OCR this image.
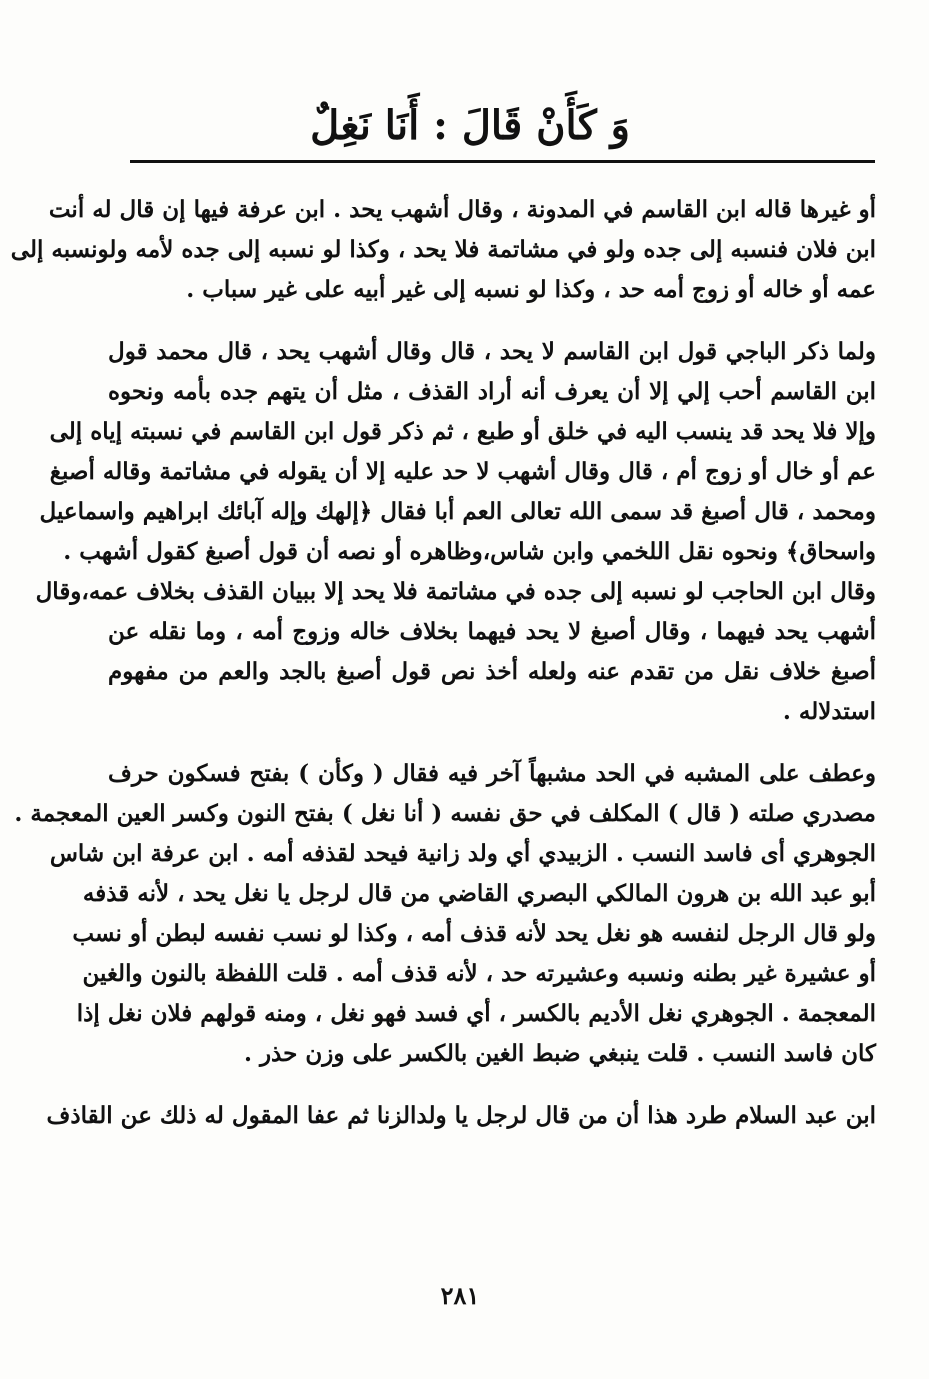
وَ كَأَنْ قَالَ : أَنَا نَغِلٌ
أو غيرها قاله ابن القاسم في المدونة ، وقال أشهب يحد . ابن عرفة فيها إن قال له أنت
ابن فلان فنسبه إلى جده ولو في مشاتمة فلا يحد ، وكذا لو نسبه إلى جده لأمه ولونسبه إلى
عمه أو خاله أو زوج أمه حد ، وكذا لو نسبه إلى غير أبيه على غير سباب .
ولما ذكر الباجي قول ابن القاسم لا يحد ، قال وقال أشهب يحد ، قال محمد قول
ابن القاسم أحب إلي إلا أن يعرف أنه أراد القذف ، مثل أن يتهم جده بأمه ونحوه
وإلا فلا يحد قد ينسب اليه في خلق أو طبع ، ثم ذكر قول ابن القاسم في نسبته إياه إلى
عم أو خال أو زوج أم ، قال وقال أشهب لا حد عليه إلا أن يقوله في مشاتمة وقاله أصبغ
ومحمد ، قال أصبغ قد سمى الله تعالى العم أبا فقال ﴿إلهك وإله آبائك ابراهيم واسماعيل
واسحاق﴾ ونحوه نقل اللخمي وابن شاس،وظاهره أو نصه أن قول أصبغ كقول أشهب .
وقال ابن الحاجب لو نسبه إلى جده في مشاتمة فلا يحد إلا ببيان القذف بخلاف عمه،وقال
أشهب يحد فيهما ، وقال أصبغ لا يحد فيهما بخلاف خاله وزوج أمه ، وما نقله عن
أصبغ خلاف نقل من تقدم عنه ولعله أخذ نص قول أصبغ بالجد والعم من مفهوم
استدلاله .
وعطف على المشبه في الحد مشبهاً آخر فيه فقال ( وكأن ) بفتح فسكون حرف
مصدري صلته ( قال ) المكلف في حق نفسه ( أنا نغل ) بفتح النون وكسر العين المعجمة .
الجوهري أى فاسد النسب . الزبيدي أي ولد زانية فيحد لقذفه أمه . ابن عرفة ابن شاس
أبو عبد الله بن هرون المالكي البصري القاضي من قال لرجل يا نغل يحد ، لأنه قذفه
ولو قال الرجل لنفسه هو نغل يحد لأنه قذف أمه ، وكذا لو نسب نفسه لبطن أو نسب
أو عشيرة غير بطنه ونسبه وعشيرته حد ، لأنه قذف أمه . قلت اللفظة بالنون والغين
المعجمة . الجوهري نغل الأديم بالكسر ، أي فسد فهو نغل ، ومنه قولهم فلان نغل إذا
كان فاسد النسب . قلت ينبغي ضبط الغين بالكسر على وزن حذر .
ابن عبد السلام طرد هذا أن من قال لرجل يا ولدالزنا ثم عفا المقول له ذلك عن القاذف
٢٨١
